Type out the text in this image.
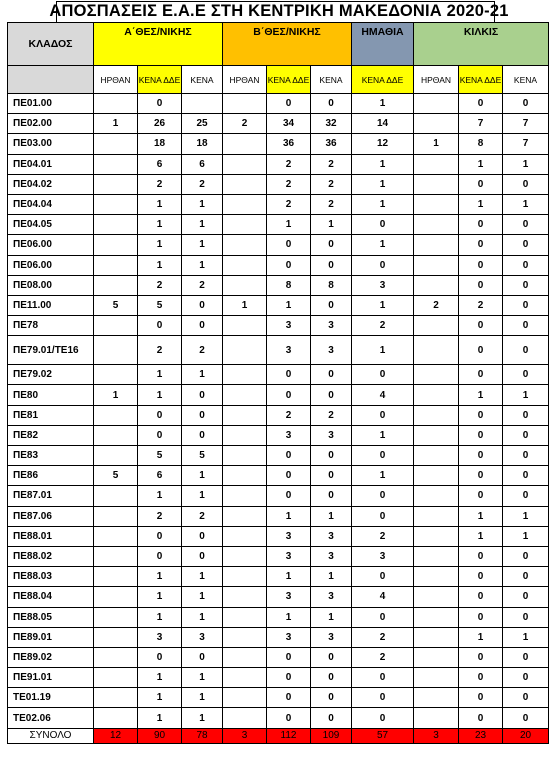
ΑΠΟΣΠΑΣΕΙΣ Ε.Α.Ε ΣΤΗ ΚΕΝΤΡΙΚΗ ΜΑΚΕΔΟΝΙΑ 2020-21
ΚΛΑΔΟΣ	Α΄ΘΕΣ/ΝΙΚΗΣ			Β΄ΘΕΣ/ΝΙΚΗΣ			ΗΜΑΘΙΑ	ΚΙΛΚΙΣ		
	ΗΡΘΑΝ	ΚΕΝΑ ΔΔΕ	ΚΕΝΑ	ΗΡΘΑΝ	ΚΕΝΑ ΔΔΕ	ΚΕΝΑ	ΚΕΝΑ ΔΔΕ	ΗΡΘΑΝ	ΚΕΝΑ ΔΔΕ	ΚΕΝΑ
ΠΕ01.00		0			0	0	1		0	0
ΠΕ02.00	1	26	25	2	34	32	14		7	7
ΠΕ03.00		18	18		36	36	12	1	8	7
ΠΕ04.01		6	6		2	2	1		1	1
ΠΕ04.02		2	2		2	2	1		0	0
ΠΕ04.04		1	1		2	2	1		1	1
ΠΕ04.05		1	1		1	1	0		0	0
ΠΕ06.00		1	1		0	0	1		0	0
ΠΕ06.00		1	1		0	0	0		0	0
ΠΕ08.00		2	2		8	8	3		0	0
ΠΕ11.00	5	5	0	1	1	0	1	2	2	0
ΠΕ78		0	0		3	3	2		0	0
ΠΕ79.01/ΤΕ16		2	2		3	3	1		0	0
ΠΕ79.02		1	1		0	0	0		0	0
ΠΕ80	1	1	0		0	0	4		1	1
ΠΕ81		0	0		2	2	0		0	0
ΠΕ82		0	0		3	3	1		0	0
ΠΕ83		5	5		0	0	0		0	0
ΠΕ86	5	6	1		0	0	1		0	0
ΠΕ87.01		1	1		0	0	0		0	0
ΠΕ87.06		2	2		1	1	0		1	1
ΠΕ88.01		0	0		3	3	2		1	1
ΠΕ88.02		0	0		3	3	3		0	0
ΠΕ88.03		1	1		1	1	0		0	0
ΠΕ88.04		1	1		3	3	4		0	0
ΠΕ88.05		1	1		1	1	0		0	0
ΠΕ89.01		3	3		3	3	2		1	1
ΠΕ89.02		0	0		0	0	2		0	0
ΠΕ91.01		1	1		0	0	0		0	0
ΤΕ01.19		1	1		0	0	0		0	0
ΤΕ02.06		1	1		0	0	0		0	0
ΣΥΝΟΛΟ	12	90	78	3	112	109	57	3	23	20
